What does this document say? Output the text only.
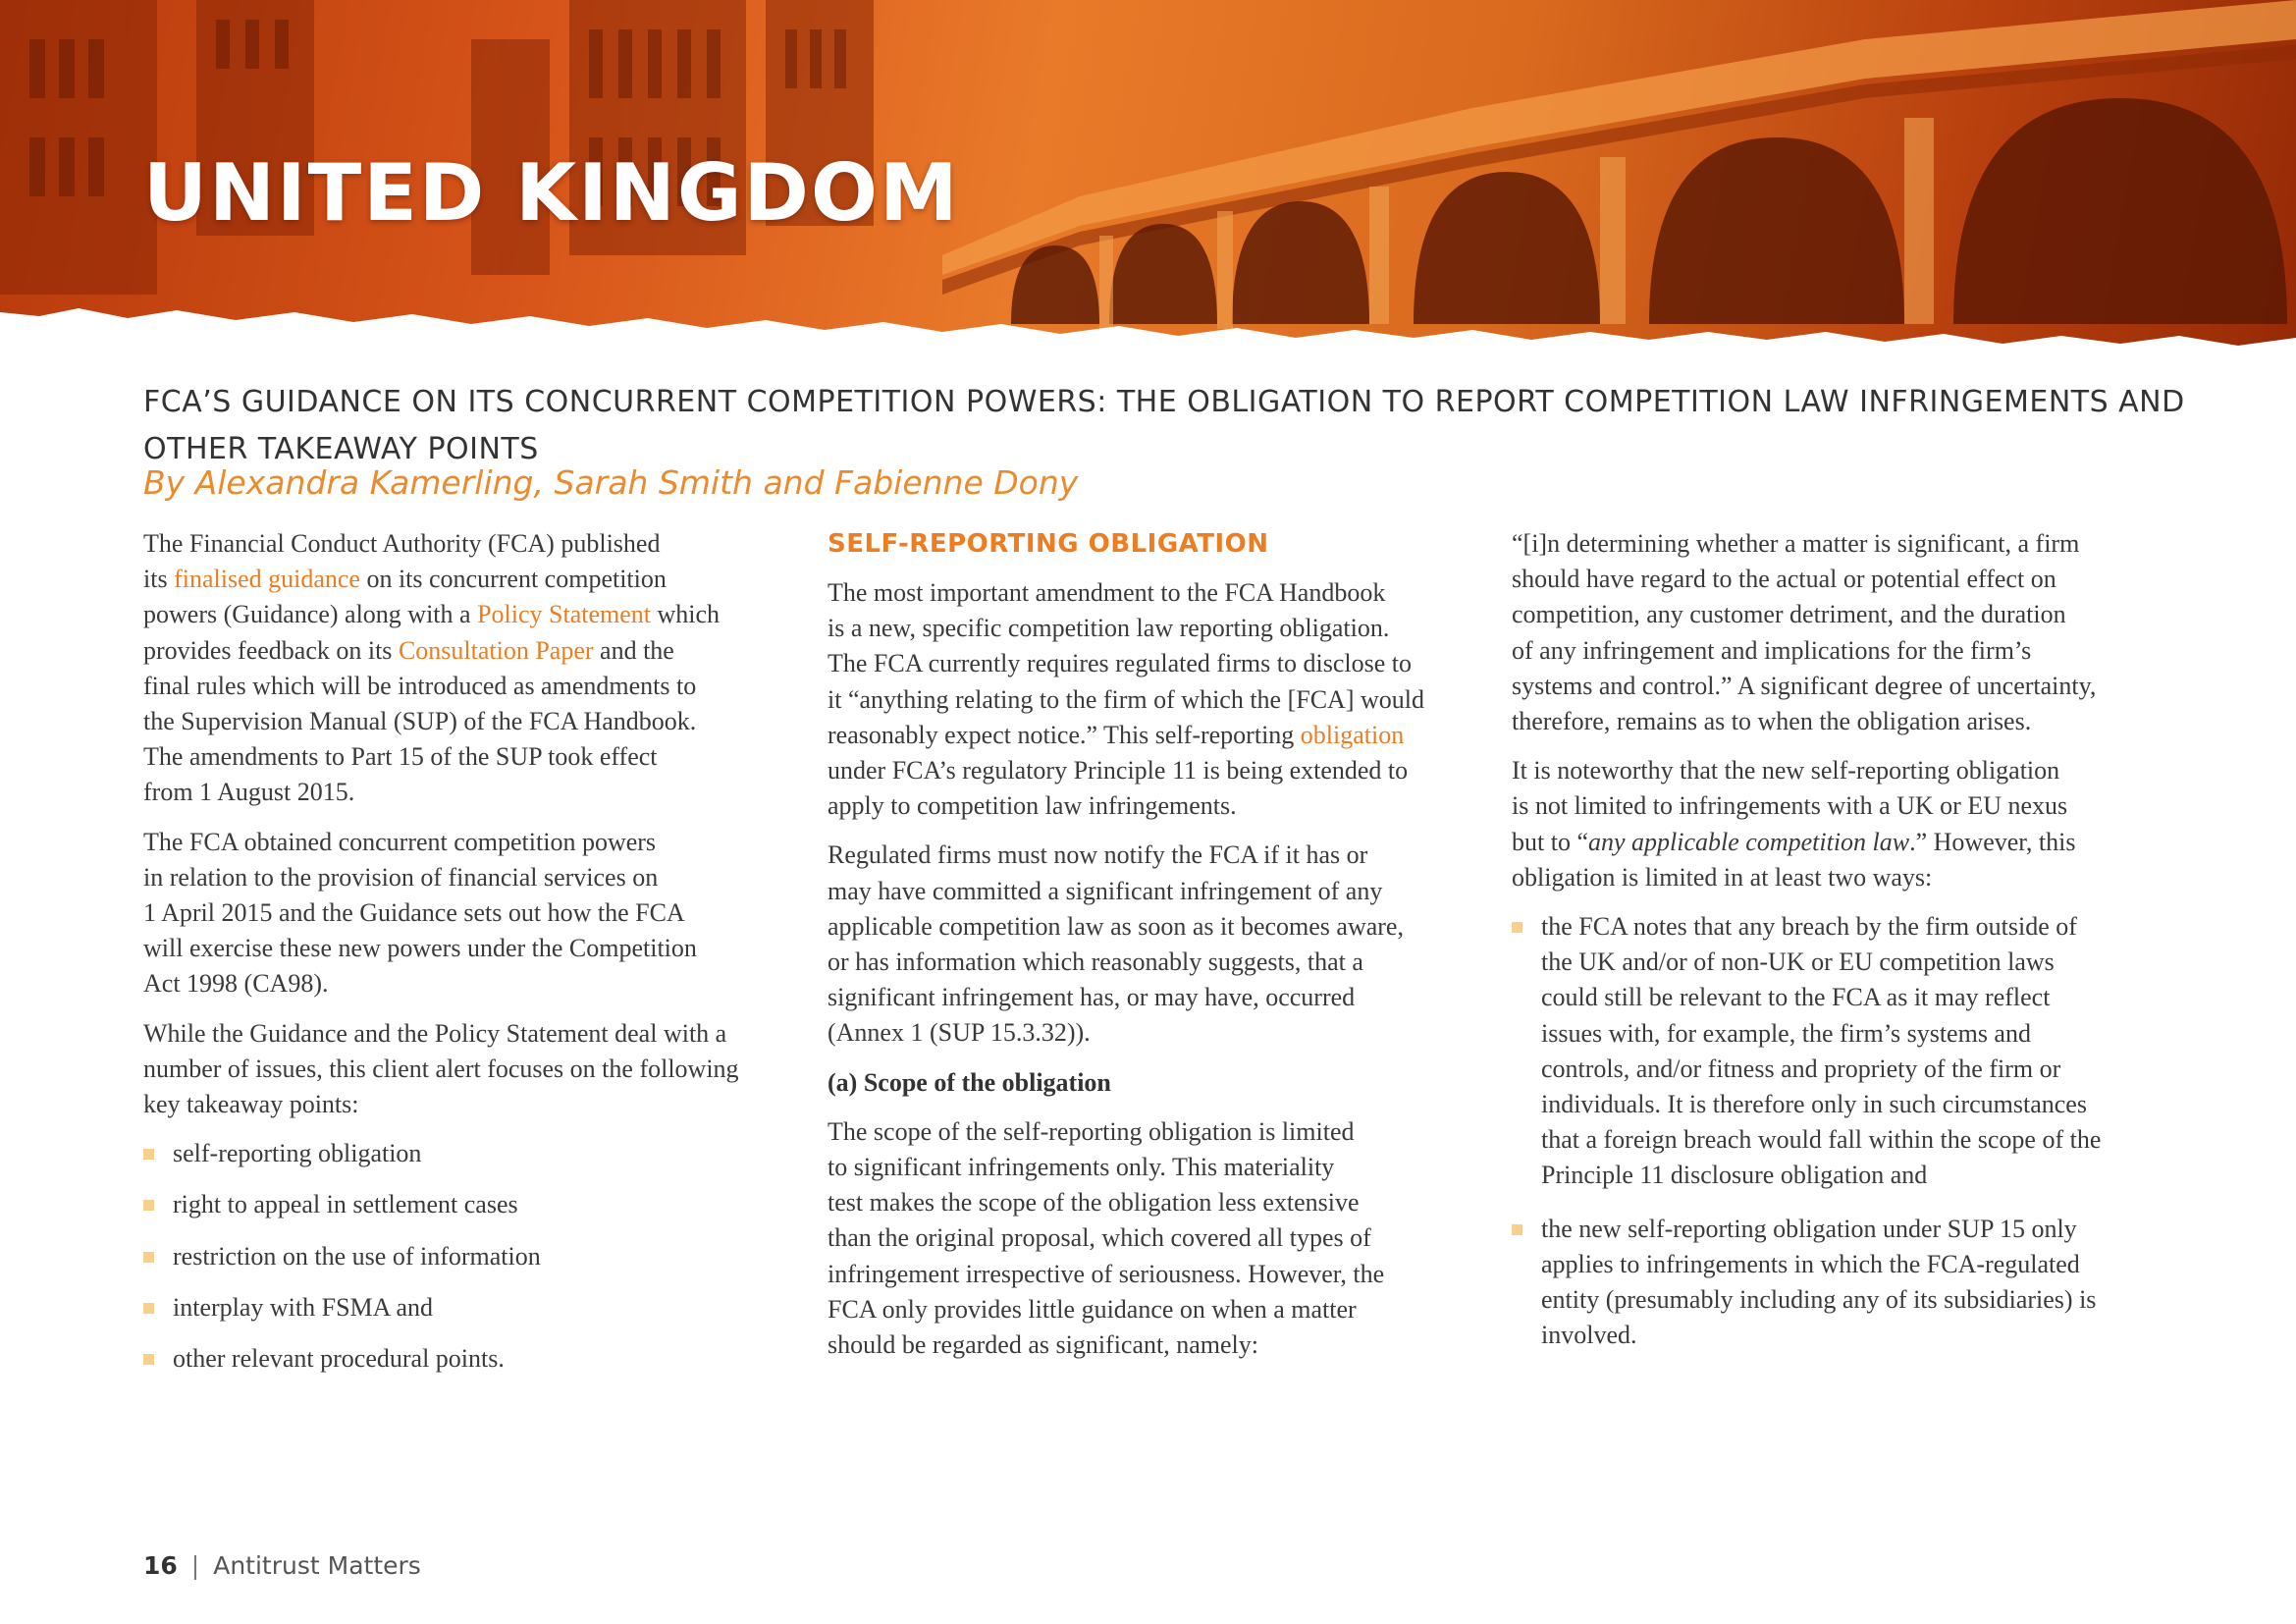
UNITED KINGDOM
FCA’S GUIDANCE ON ITS CONCURRENT COMPETITION POWERS: THE OBLIGATION TO REPORT COMPETITION LAW INFRINGEMENTS AND OTHER TAKEAWAY POINTS

By Alexandra Kamerling, Sarah Smith and Fabienne Dony

The Financial Conduct Authority (FCA) published
its finalised guidance on its concurrent competition
powers (Guidance) along with a Policy Statement which
provides feedback on its Consultation Paper and the
final rules which will be introduced as amendments to
the Supervision Manual (SUP) of the FCA Handbook.
The amendments to Part 15 of the SUP took effect
from 1 August 2015.

The FCA obtained concurrent competition powers
in relation to the provision of financial services on
1 April 2015 and the Guidance sets out how the FCA
will exercise these new powers under the Competition
Act 1998 (CA98).

While the Guidance and the Policy Statement deal with a
number of issues, this client alert focuses on the following
key takeaway points:

self-reporting obligation
right to appeal in settlement cases
restriction on the use of information
interplay with FSMA and
other relevant procedural points.
SELF-REPORTING OBLIGATION

The most important amendment to the FCA Handbook
is a new, specific competition law reporting obligation.
The FCA currently requires regulated firms to disclose to
it “anything relating to the firm of which the [FCA] would
reasonably expect notice.” This self-reporting obligation
under FCA’s regulatory Principle 11 is being extended to
apply to competition law infringements.

Regulated firms must now notify the FCA if it has or
may have committed a significant infringement of any
applicable competition law as soon as it becomes aware,
or has information which reasonably suggests, that a
significant infringement has, or may have, occurred
(Annex 1 (SUP 15.3.32)).

(a) Scope of the obligation

The scope of the self-reporting obligation is limited
to significant infringements only. This materiality
test makes the scope of the obligation less extensive
than the original proposal, which covered all types of
infringement irrespective of seriousness. However, the
FCA only provides little guidance on when a matter
should be regarded as significant, namely:

“[i]n determining whether a matter is significant, a firm
should have regard to the actual or potential effect on
competition, any customer detriment, and the duration
of any infringement and implications for the firm’s
systems and control.” A significant degree of uncertainty,
therefore, remains as to when the obligation arises.

It is noteworthy that the new self-reporting obligation
is not limited to infringements with a UK or EU nexus
but to “any applicable competition law.” However, this
obligation is limited in at least two ways:

the FCA notes that any breach by the firm outside of
the UK and/or of non-UK or EU competition laws
could still be relevant to the FCA as it may reflect
issues with, for example, the firm’s systems and
controls, and/or fitness and propriety of the firm or
individuals. It is therefore only in such circumstances
that a foreign breach would fall within the scope of the
Principle 11 disclosure obligation and
the new self-reporting obligation under SUP 15 only
applies to infringements in which the FCA-regulated
entity (presumably including any of its subsidiaries) is
involved.
16 | Antitrust Matters
